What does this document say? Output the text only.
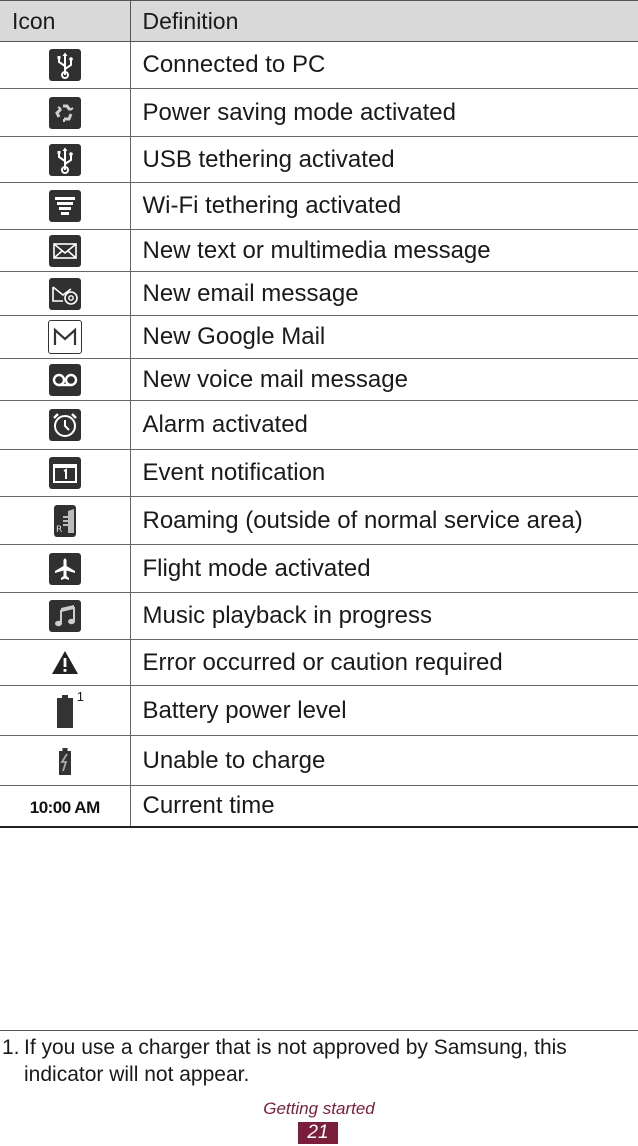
Icon	Definition

	Connected to PC

	Power saving mode activated

	USB tethering activated

	Wi-Fi tethering activated

	New text or multimedia message

	New email message

	New Google Mail

	New voice mail message

	Alarm activated

	Event notification

R	Roaming (outside of normal service area)

	Flight mode activated

	Music playback in progress

	Error occurred or caution required

1	Battery power level

	Unable to charge
10:00 AM	Current time
1. If you use a charger that is not approved by Samsung, this indicator will not appear.
Getting started
21
